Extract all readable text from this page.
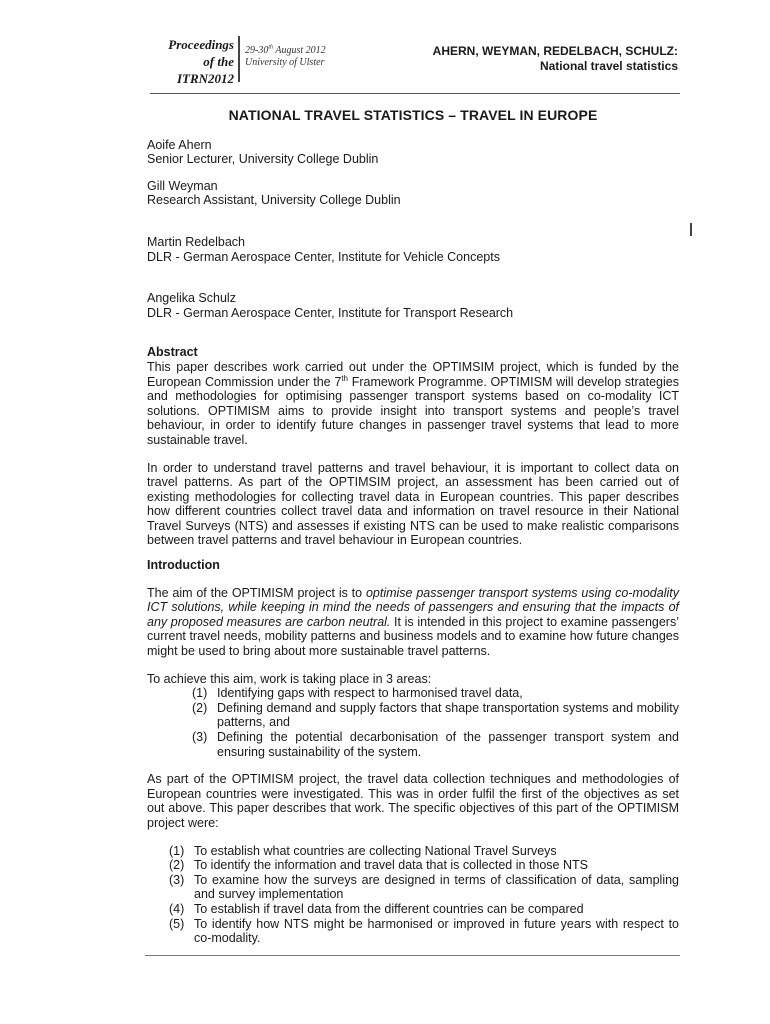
Proceedings
of the
ITRN2012
29-30th August 2012
University of Ulster
AHERN, WEYMAN, REDELBACH, SCHULZ:
National travel statistics
NATIONAL TRAVEL STATISTICS – TRAVEL IN EUROPE

Aoife Ahern

Senior Lecturer, University College Dublin

Gill Weyman

Research Assistant, University College Dublin

Martin Redelbach

DLR - German Aerospace Center, Institute for Vehicle Concepts

Angelika Schulz

DLR - German Aerospace Center, Institute for Transport Research

Abstract

This paper describes work carried out under the OPTIMSIM project, which is funded by the European Commission under the 7th Framework Programme. OPTIMISM will develop strategies and methodologies for optimising passenger transport systems based on co-modality ICT solutions. OPTIMISM aims to provide insight into transport systems and people’s travel behaviour, in order to identify future changes in passenger travel systems that lead to more sustainable travel.

In order to understand travel patterns and travel behaviour, it is important to collect data on travel patterns. As part of the OPTIMSIM project, an assessment has been carried out of existing methodologies for collecting travel data in European countries. This paper describes how different countries collect travel data and information on travel resource in their National Travel Surveys (NTS) and assesses if existing NTS can be used to make realistic comparisons between travel patterns and travel behaviour in European countries.

Introduction

The aim of the OPTIMISM project is to optimise passenger transport systems using co-modality ICT solutions, while keeping in mind the needs of passengers and ensuring that the impacts of any proposed measures are carbon neutral. It is intended in this project to examine passengers’ current travel needs, mobility patterns and business models and to examine how future changes might be used to bring about more sustainable travel patterns.

To achieve this aim, work is taking place in 3 areas:

(1) Identifying gaps with respect to harmonised travel data,
(2) Defining demand and supply factors that shape transportation systems and mobility patterns, and
(3) Defining the potential decarbonisation of the passenger transport system and ensuring sustainability of the system.

As part of the OPTIMISM project, the travel data collection techniques and methodologies of European countries were investigated. This was in order fulfil the first of the objectives as set out above. This paper describes that work. The specific objectives of this part of the OPTIMISM project were:

(1) To establish what countries are collecting National Travel Surveys
(2) To identify the information and travel data that is collected in those NTS
(3) To examine how the surveys are designed in terms of classification of data, sampling and survey implementation
(4) To establish if travel data from the different countries can be compared
(5) To identify how NTS might be harmonised or improved in future years with respect to co-modality.
